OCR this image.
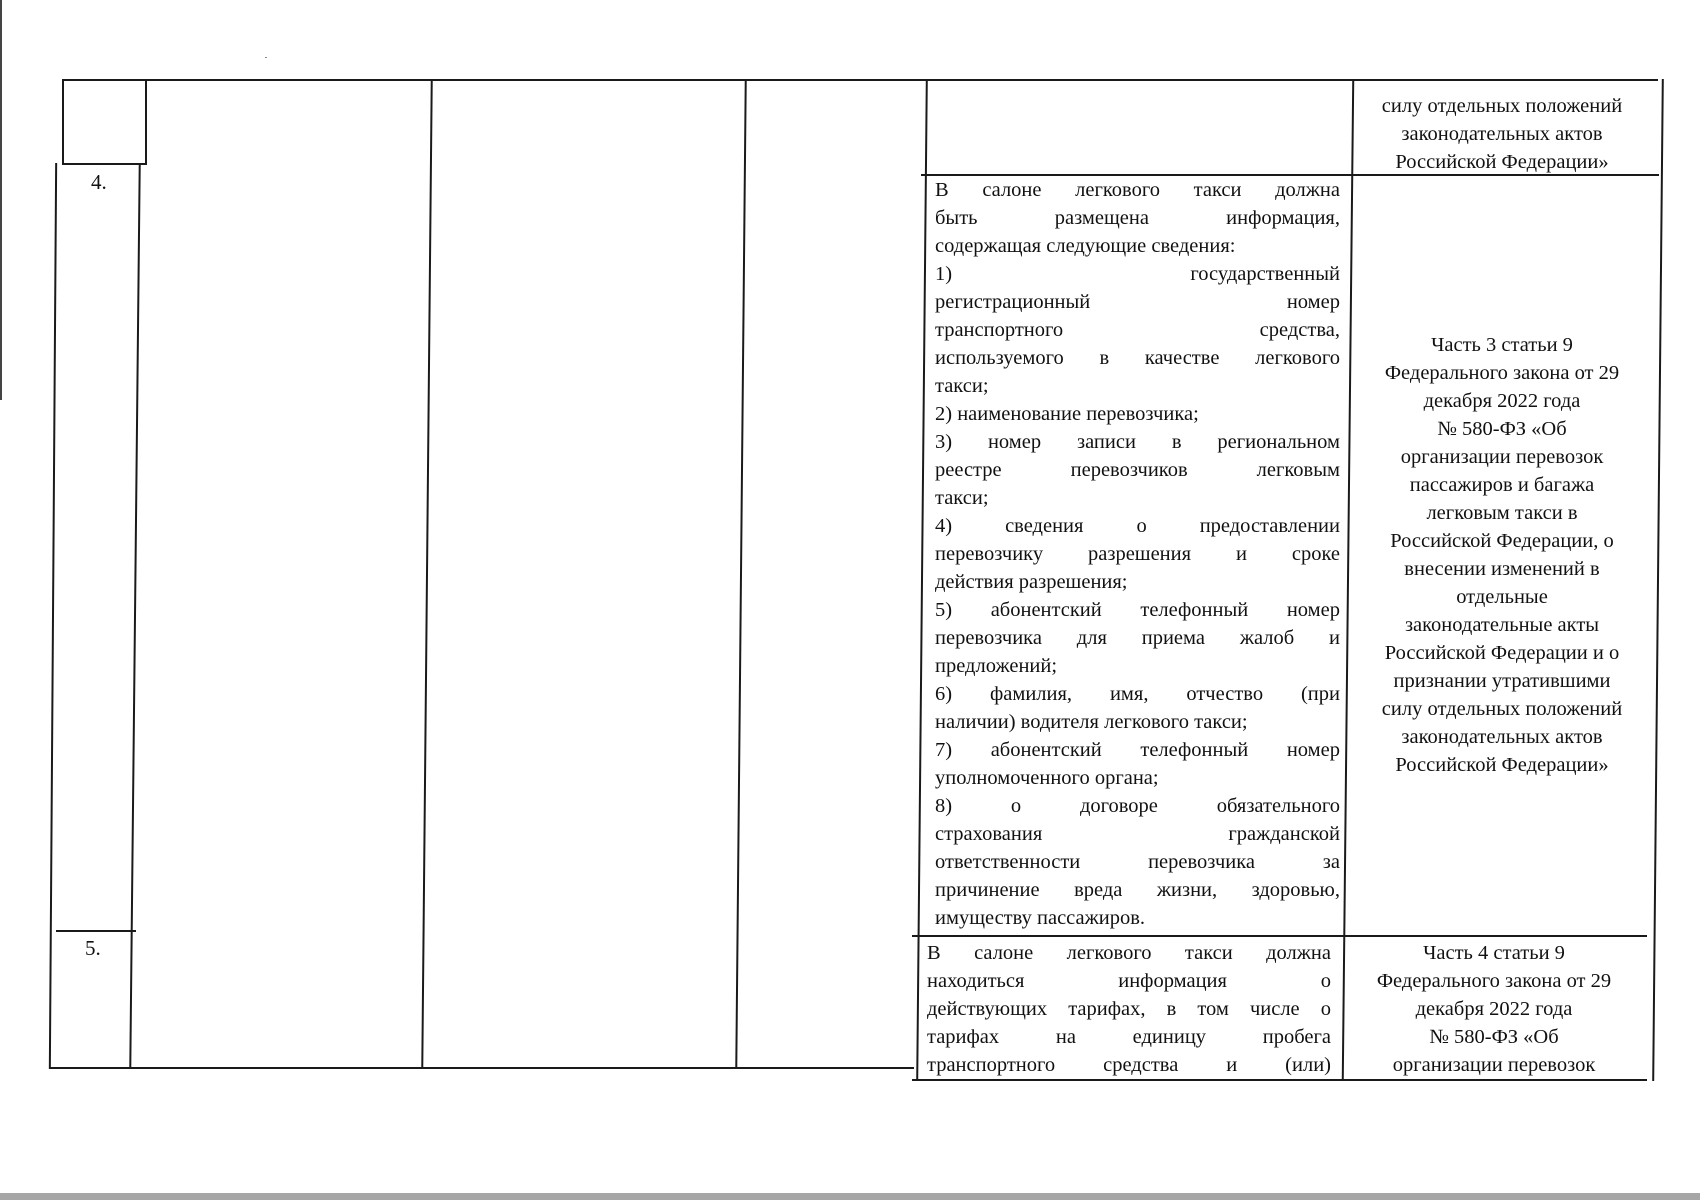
силу отдельных положений

законодательных актов

Российской Федерации»

4.	В салоне легкового такси должна

быть размещена информация,

содержащая следующие сведения:

1) государственный

регистрационный номер

транспортного средства,

используемого в качестве легкового

такси;

2) наименование перевозчика;

3) номер записи в региональном

реестре перевозчиков легковым

такси;

4) сведения о предоставлении

перевозчику разрешения и сроке

действия разрешения;

5) абонентский телефонный номер

перевозчика для приема жалоб и

предложений;

6) фамилия, имя, отчество (при

наличии) водителя легкового такси;

7) абонентский телефонный номер

уполномоченного органа;

8) о договоре обязательного

страхования гражданской

ответственности перевозчика за

причинение вреда жизни, здоровью,

имуществу пассажиров.

Часть 3 статьи 9

Федерального закона от 29

декабря 2022 года

№ 580-ФЗ «Об

организации перевозок

пассажиров и багажа

легковым такси в

Российской Федерации, о

внесении изменений в

отдельные

законодательные акты

Российской Федерации и о

признании утратившими

силу отдельных положений

законодательных актов

Российской Федерации»

5.	В салоне легкового такси должна

находиться информация о

действующих тарифах, в том числе о

тарифах на единицу пробега

транспортного средства и (или)

Часть 4 статьи 9

Федерального закона от 29

декабря 2022 года

№ 580-ФЗ «Об

организации перевозок
